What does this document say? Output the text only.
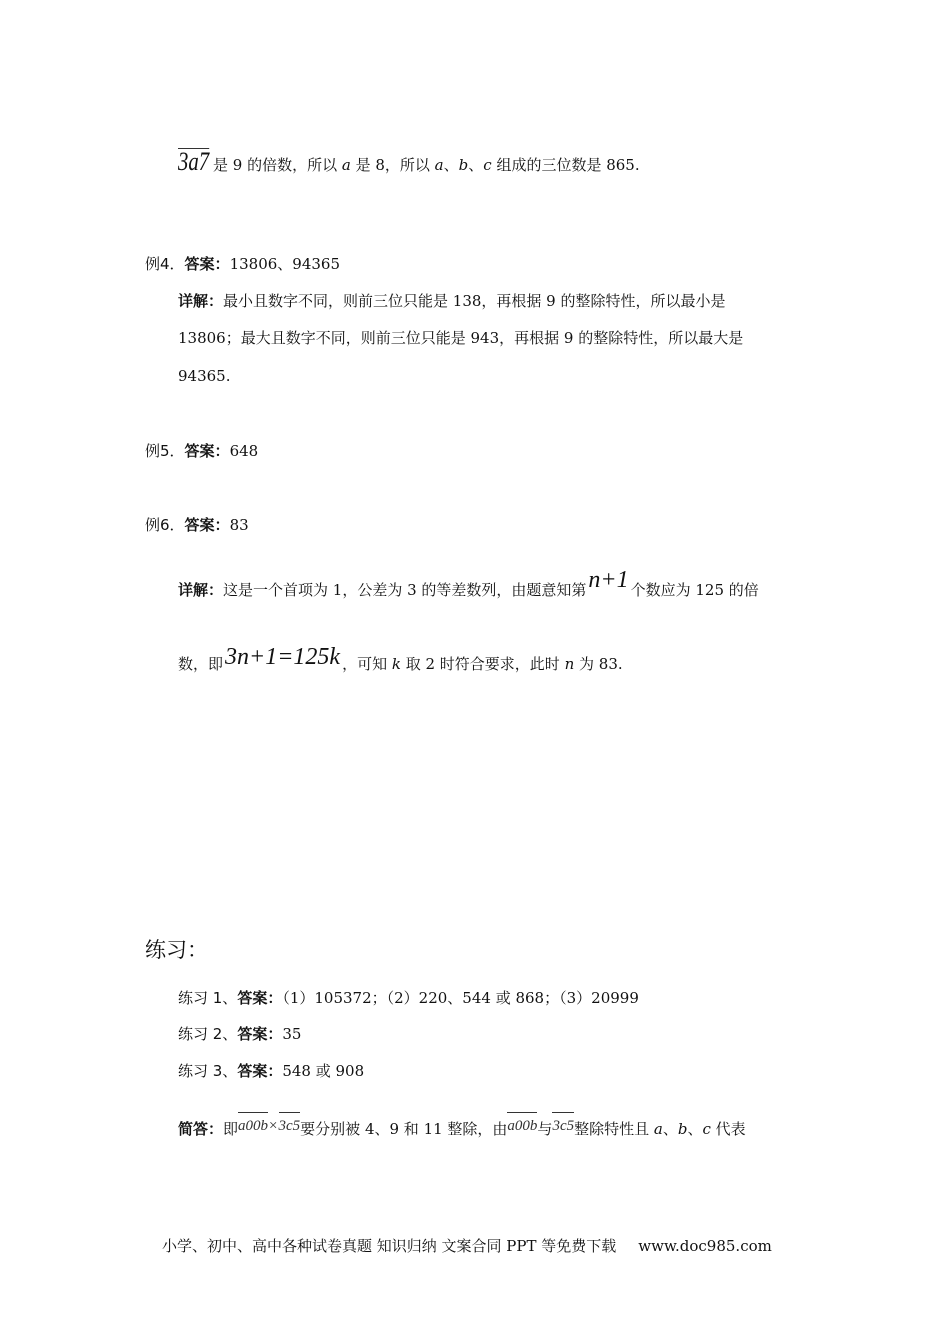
3a7 是 9 的倍数，所以 a 是 8，所以 a、b、c 组成的三位数是 865.
例4．答案：13806、94365
详解：最小且数字不同，则前三位只能是 138，再根据 9 的整除特性，所以最小是
13806；最大且数字不同，则前三位只能是 943，再根据 9 的整除特性，所以最大是
94365.
例5．答案：648
例6．答案：83
详解：这是一个首项为 1，公差为 3 的等差数列，由题意知第n+1 个数应为 125 的倍
数，即3n+1=125k ，可知 k 取 2 时符合要求，此时 n 为 83.
练习：
练习 1、答案：（1）105372；（2）220、544 或 868；（3）20999
练习 2、答案：35
练习 3、答案：548 或 908
简答：即a00b×3c5要分别被 4、9 和 11 整除，由a00b与3c5整除特性且 a、b、c 代表
小学、初中、高中各种试卷真题 知识归纳 文案合同 PPT 等免费下载 www.doc985.com
